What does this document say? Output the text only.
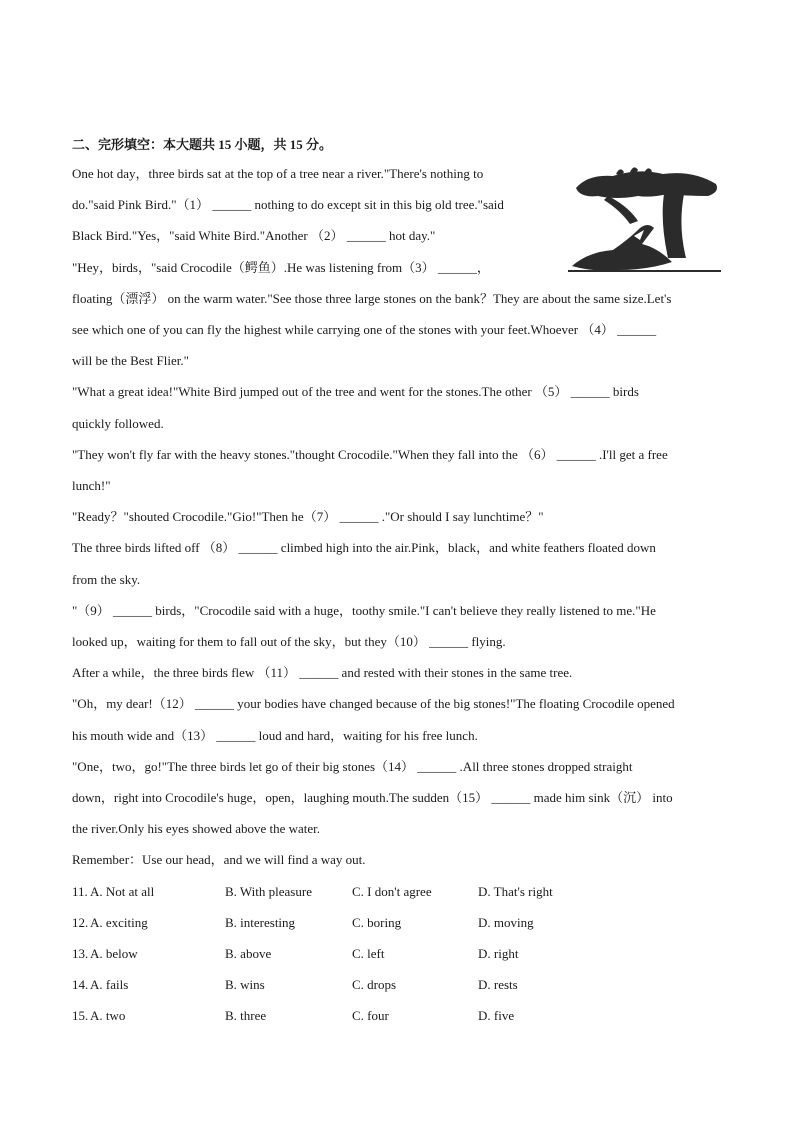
二、完形填空：本大题共 15 小题，共 15 分。
One hot day，three birds sat at the top of a tree near a river."There's nothing to
do."said Pink Bird."（1） ______ nothing to do except sit in this big old tree."said
Black Bird."Yes，"said White Bird."Another （2） ______ hot day."
"Hey，birds，"said Crocodile（鳄鱼）.He was listening from（3） ______，
floating（漂浮） on the warm water."See those three large stones on the bank？They are about the same size.Let's
see which one of you can fly the highest while carrying one of the stones with your feet.Whoever （4） ______
will be the Best Flier."
"What a great idea!"White Bird jumped out of the tree and went for the stones.The other （5） ______ birds
quickly followed.
"They won't fly far with the heavy stones."thought Crocodile."When they fall into the （6） ______ .I'll get a free
lunch!"
"Ready？"shouted Crocodile."Gio!"Then he（7） ______ ."Or should I say lunchtime？"
The three birds lifted off （8） ______ climbed high into the air.Pink，black，and white feathers floated down
from the sky.
"（9） ______ birds，"Crocodile said with a huge，toothy smile."I can't believe they really listened to me."He
looked up，waiting for them to fall out of the sky，but they（10） ______ flying.
After a while，the three birds flew （11） ______ and rested with their stones in the same tree.
"Oh，my dear!（12） ______ your bodies have changed because of the big stones!"The floating Crocodile opened
his mouth wide and（13） ______ loud and hard，waiting for his free lunch.
"One，two，go!"The three birds let go of their big stones（14） ______ .All three stones dropped straight
down，right into Crocodile's huge，open，laughing mouth.The sudden（15） ______ made him sink（沉） into
the river.Only his eyes showed above the water.
Remember：Use our head，and we will find a way out.
11. A. Not at all	B. With pleasure	C. I don't agree	D. That's right
12. A. exciting	B. interesting	C. boring	D. moving
13. A. below	B. above	C. left	D. right
14. A. fails	B. wins	C. drops	D. rests
15. A. two	B. three	C. four	D. five
